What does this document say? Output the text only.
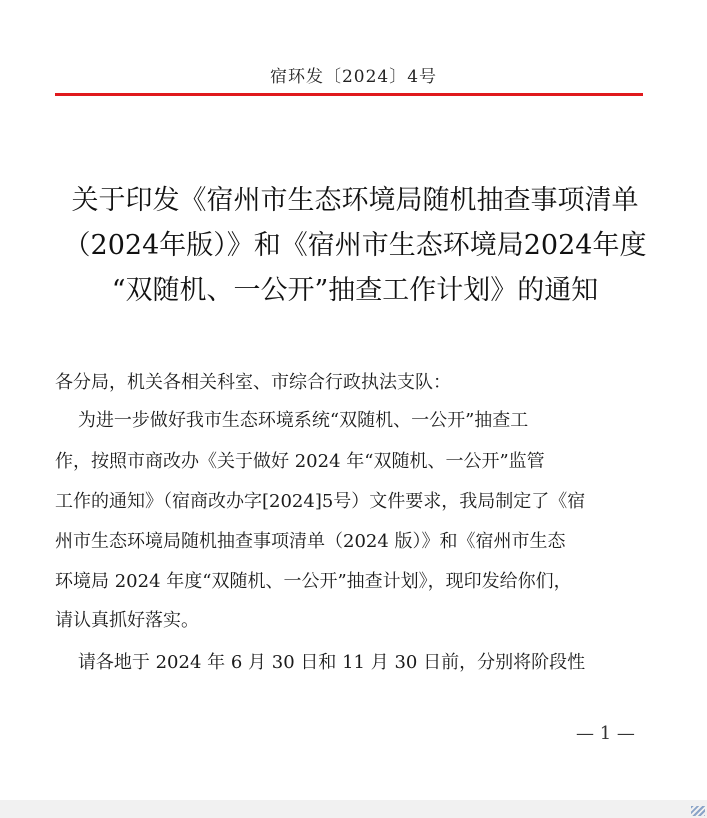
宿环发〔2024〕4号
关于印发《宿州市生态环境局随机抽查事项清单
（2024年版）》和《宿州市生态环境局2024年度
“双随机、一公开”抽查工作计划》的通知
各分局，机关各相关科室、市综合行政执法支队：
为进一步做好我市生态环境系统“双随机、一公开”抽查工
作，按照市商改办《关于做好 2024 年“双随机、一公开”监管
工作的通知》（宿商改办字[2024]5号）文件要求，我局制定了《宿
州市生态环境局随机抽查事项清单（2024 版）》和《宿州市生态
环境局 2024 年度“双随机、一公开”抽查计划》，现印发给你们，
请认真抓好落实。
请各地于 2024 年 6 月 30 日和 11 月 30 日前，分别将阶段性
— 1 —
